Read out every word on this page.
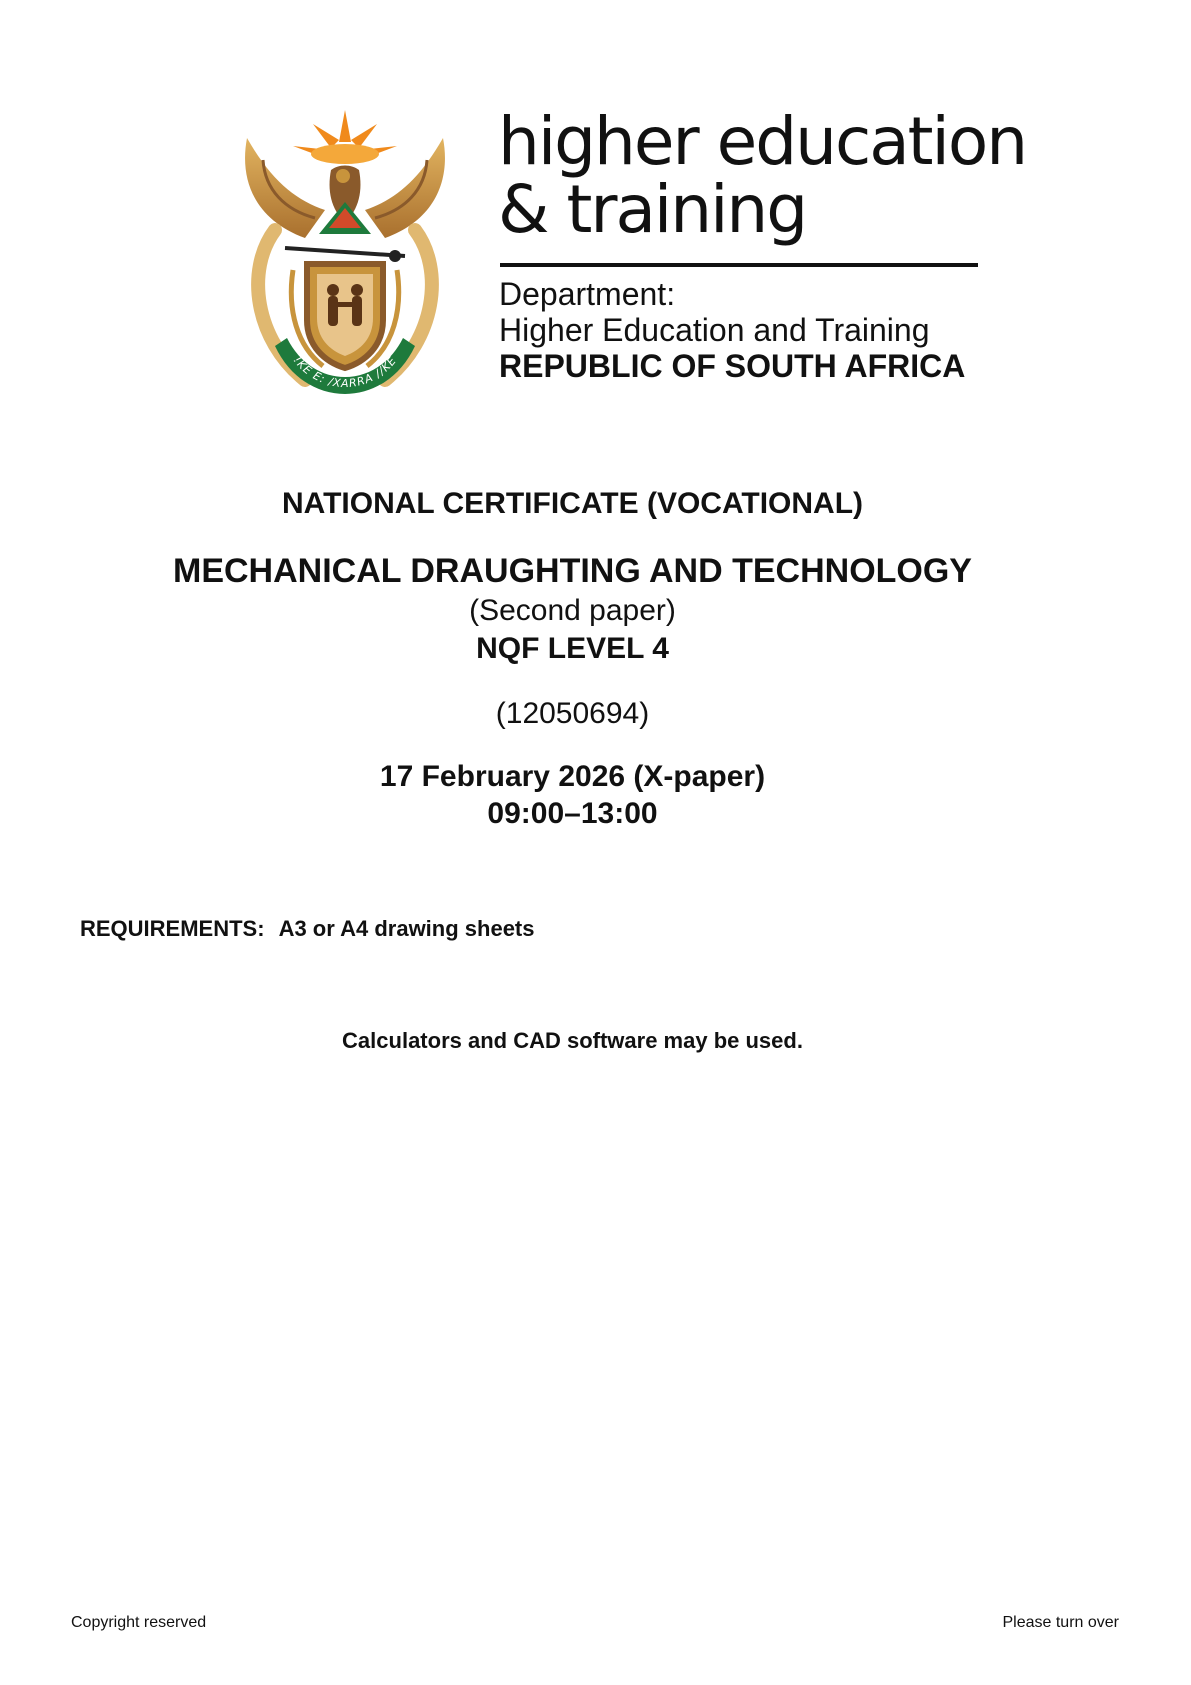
!KE E: /XARRA //KE
higher education
& training
Department:
Higher Education and Training
REPUBLIC OF SOUTH AFRICA
NATIONAL CERTIFICATE (VOCATIONAL)
MECHANICAL DRAUGHTING AND TECHNOLOGY
(Second paper)
NQF LEVEL 4
(12050694)
17 February 2026 (X-paper)
09:00–13:00
REQUIREMENTS: A3 or A4 drawing sheets
Calculators and CAD software may be used.
Copyright reserved	Please turn over
